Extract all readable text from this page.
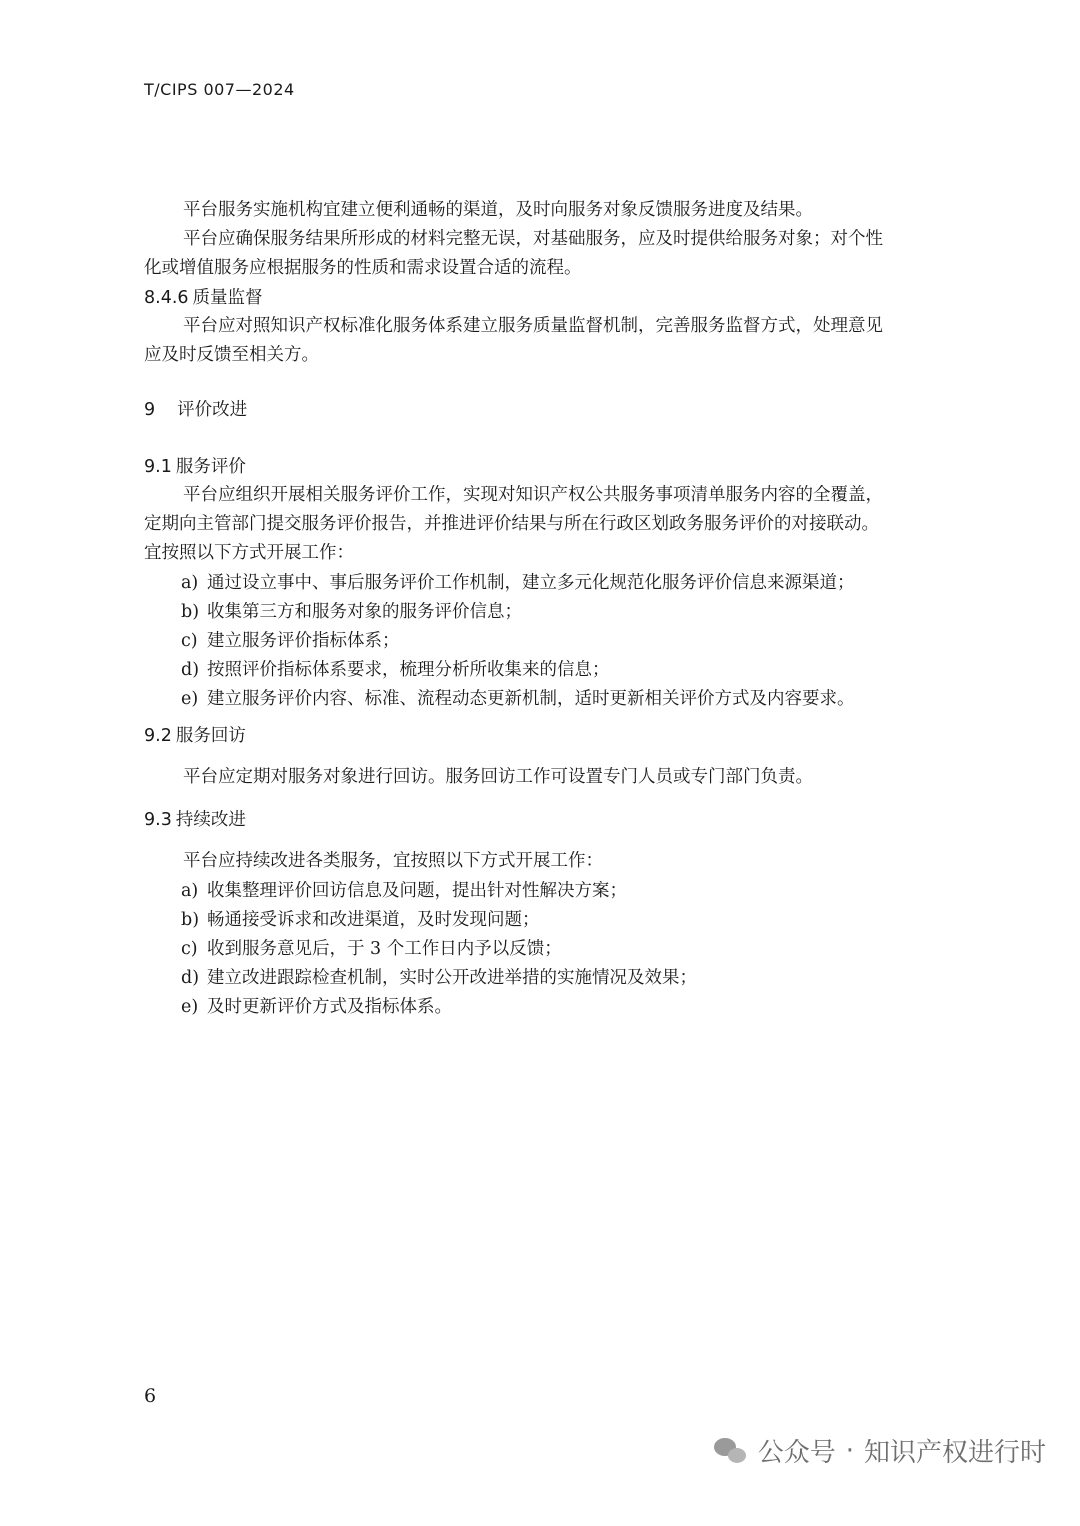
T/CIPS 007—2024
平台服务实施机构宜建立便利通畅的渠道，及时向服务对象反馈服务进度及结果。
平台应确保服务结果所形成的材料完整无误，对基础服务，应及时提供给服务对象；对个性
化或增值服务应根据服务的性质和需求设置合适的流程。
8.4.6 质量监督
平台应对照知识产权标准化服务体系建立服务质量监督机制，完善服务监督方式，处理意见
应及时反馈至相关方。
9 评价改进
9.1 服务评价
平台应组织开展相关服务评价工作，实现对知识产权公共服务事项清单服务内容的全覆盖，
定期向主管部门提交服务评价报告，并推进评价结果与所在行政区划政务服务评价的对接联动。
宜按照以下方式开展工作：
a) 通过设立事中、事后服务评价工作机制，建立多元化规范化服务评价信息来源渠道；
b) 收集第三方和服务对象的服务评价信息；
c) 建立服务评价指标体系；
d) 按照评价指标体系要求，梳理分析所收集来的信息；
e) 建立服务评价内容、标准、流程动态更新机制，适时更新相关评价方式及内容要求。
9.2 服务回访
平台应定期对服务对象进行回访。服务回访工作可设置专门人员或专门部门负责。
9.3 持续改进
平台应持续改进各类服务，宜按照以下方式开展工作：
a) 收集整理评价回访信息及问题，提出针对性解决方案；
b) 畅通接受诉求和改进渠道，及时发现问题；
c) 收到服务意见后，于 3 个工作日内予以反馈；
d) 建立改进跟踪检查机制，实时公开改进举措的实施情况及效果；
e) 及时更新评价方式及指标体系。
6
公众号 · 知识产权进行时
